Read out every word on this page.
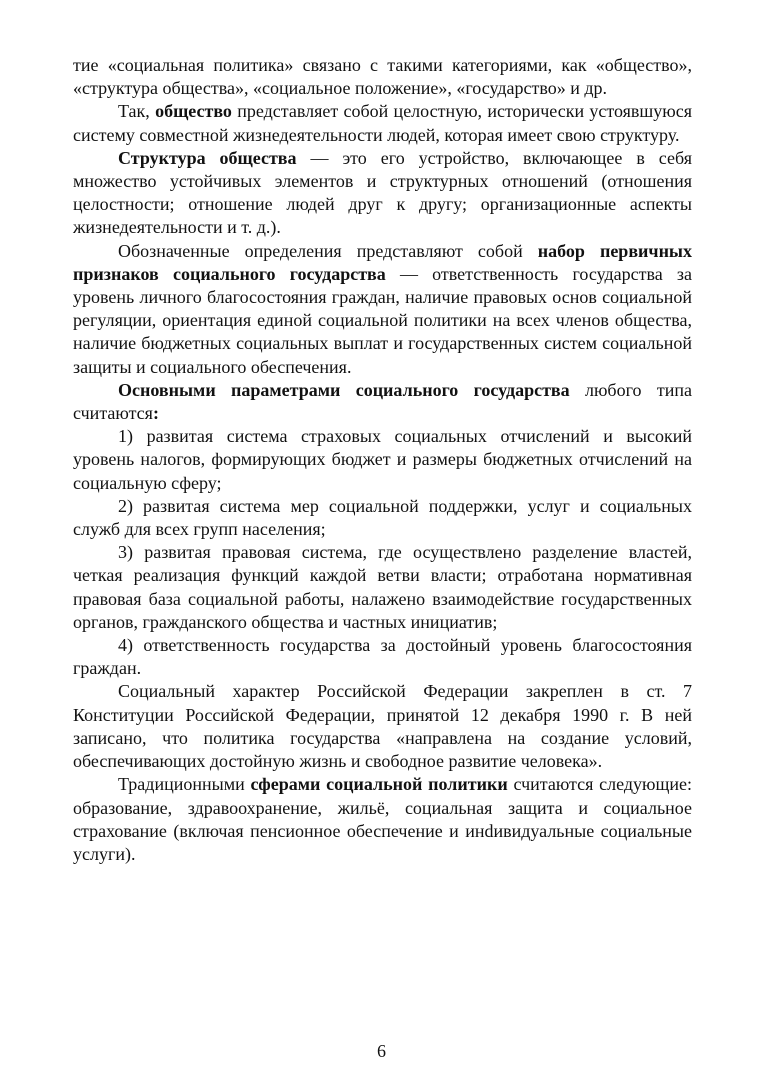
тие «социальная политика» связано с такими категориями, как «общество», «структура общества», «социальное положение», «государство» и др.

Так, общество представляет собой целостную, исторически устоявшуюся систему совместной жизнедеятельности людей, которая имеет свою структуру.

Структура общества — это его устройство, включающее в себя множество устойчивых элементов и структурных отношений (отношения целостности; отношение людей друг к другу; организационные аспекты жизнедеятельности и т. д.).

Обозначенные определения представляют собой набор первичных признаков социального государства — ответственность государства за уровень личного благосостояния граждан, наличие правовых основ социальной регуляции, ориентация единой социальной политики на всех членов общества, наличие бюджетных социальных выплат и государственных систем социальной защиты и социального обеспечения.

Основными параметрами социального государства любого типа считаются:

1) развитая система страховых социальных отчислений и высокий уровень налогов, формирующих бюджет и размеры бюджетных отчислений на социальную сферу;

2) развитая система мер социальной поддержки, услуг и социальных служб для всех групп населения;

3) развитая правовая система, где осуществлено разделение властей, четкая реализация функций каждой ветви власти; отработана нормативная правовая база социальной работы, налажено взаимодействие государственных органов, гражданского общества и частных инициатив;

4) ответственность государства за достойный уровень благосостояния граждан.

Социальный характер Российской Федерации закреплен в ст. 7 Конституции Российской Федерации, принятой 12 декабря 1990 г. В ней записано, что политика государства «направлена на создание условий, обеспечивающих достойную жизнь и свободное развитие человека».

Традиционными сферами социальной политики считаются следующие: образование, здравоохранение, жильё, социальная защита и социальное страхование (включая пенсионное обеспечение и инdивидуальные социальные услуги).

6
